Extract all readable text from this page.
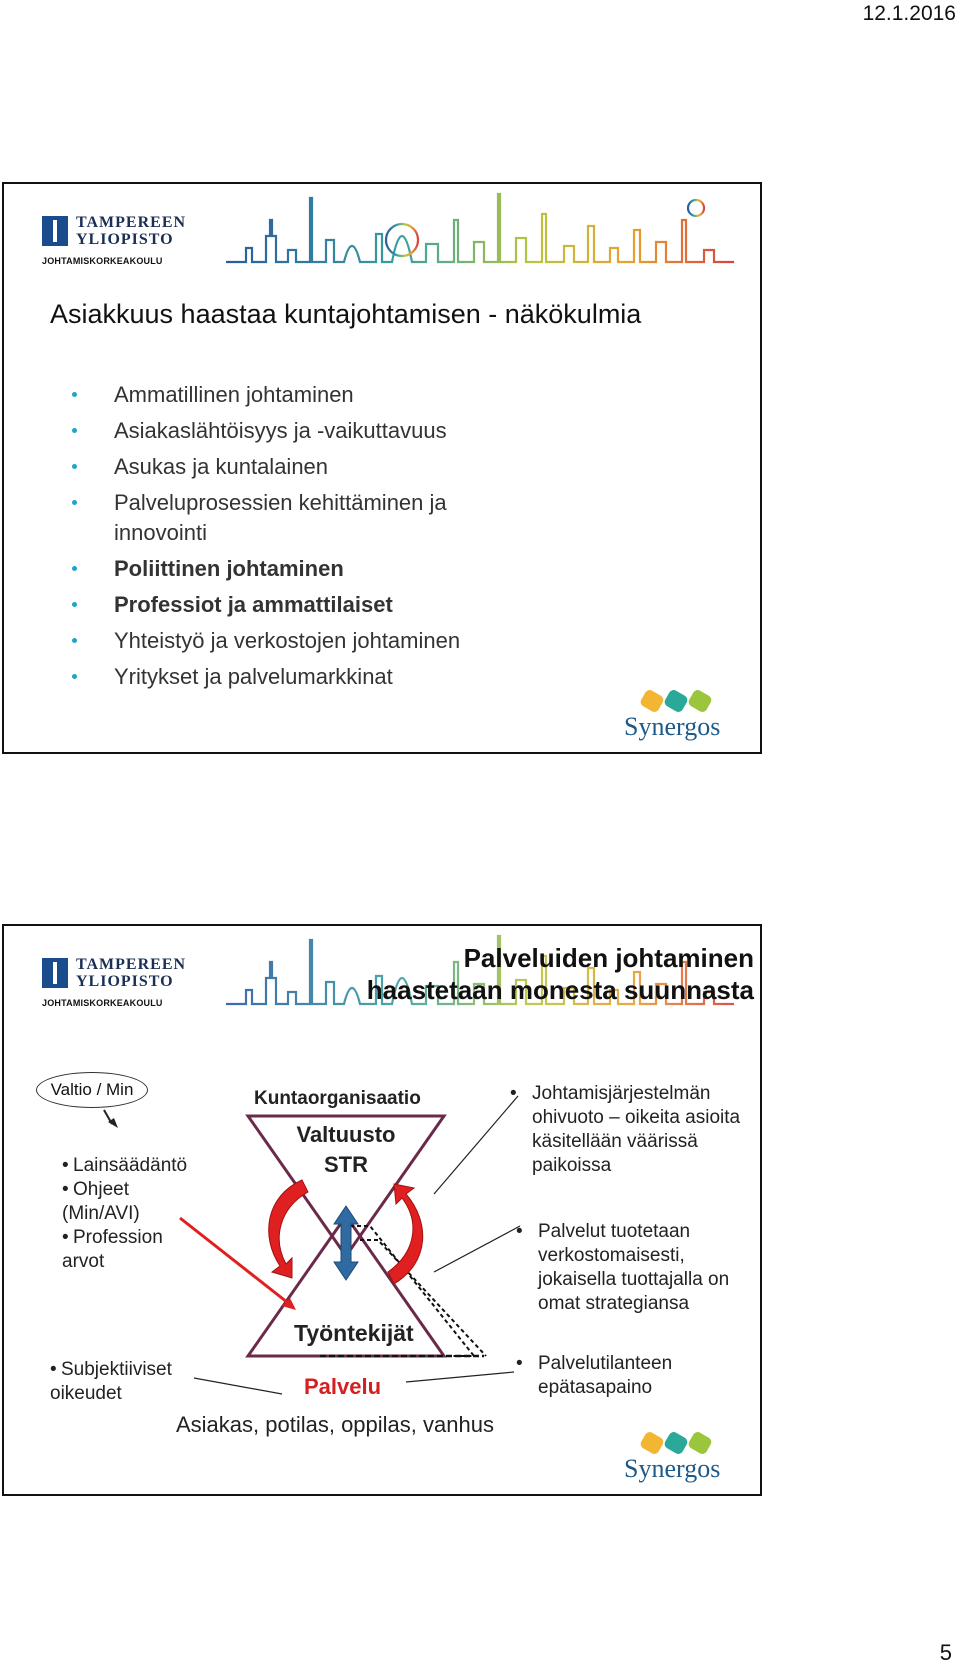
12.1.2016
TAMPEREEN
YLIOPISTO
JOHTAMISKORKEAKOULU
Asiakkuus haastaa kuntajohtamisen - näkökulmia
Ammatillinen johtaminen
Asiakaslähtöisyys ja -vaikuttavuus
Asukas ja kuntalainen
Palveluprosessien kehittäminen ja innovointi
Poliittinen johtaminen
Professiot ja ammattilaiset
Yhteistyö ja verkostojen johtaminen
Yritykset ja palvelumarkkinat
Synergos
TAMPEREEN
YLIOPISTO
JOHTAMISKORKEAKOULU
Palveluiden johtaminen
haastetaan monesta suunnasta
Valtio / Min
• Lainsäädäntö
• Ohjeet (Min/AVI)
• Profession arvot
• Subjektiiviset oikeudet
Kuntaorganisaatio
Valtuusto
STR
Työntekijät
Palvelu
Asiakas, potilas, oppilas, vanhus
• Johtamisjärjestelmän ohivuoto – oikeita asioita käsitellään väärissä paikoissa
• Palvelut tuotetaan verkostomaisesti, jokaisella tuottajalla on omat strategiansa
• Palvelutilanteen epätasapaino
Synergos
5
